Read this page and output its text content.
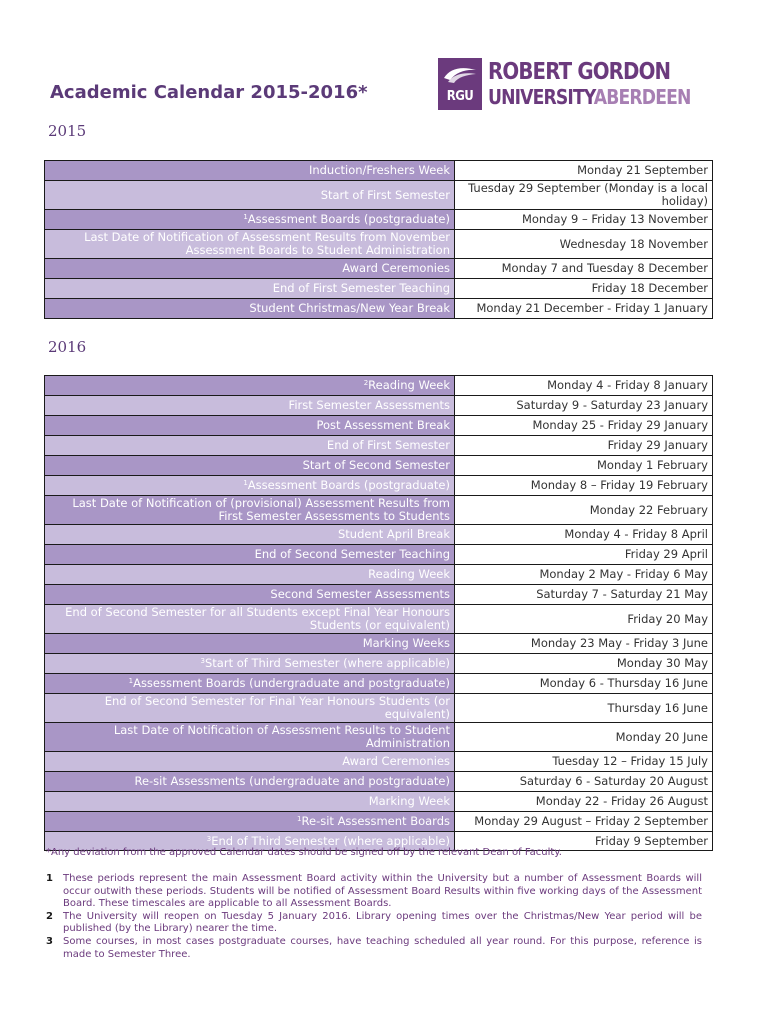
Academic Calendar 2015-2016*	RGU
ROBERT GORDON
UNIVERSITYABERDEEN
2015
Induction/Freshers Week	Monday 21 September
Start of First Semester	Tuesday 29 September (Monday is a local holiday)
$^1$Assessment Boards (postgraduate)	Monday 9 – Friday 13 November
Last Date of Notification of Assessment Results from November Assessment Boards to Student Administration	Wednesday 18 November
Award Ceremonies	Monday 7 and Tuesday 8 December
End of First Semester Teaching	Friday 18 December
Student Christmas/New Year Break	Monday 21 December - Friday 1 January
2016
$^2$Reading Week	Monday 4 - Friday 8 January
First Semester Assessments	Saturday 9 - Saturday 23 January
Post Assessment Break	Monday 25 - Friday 29 January
End of First Semester	Friday 29 January
Start of Second Semester	Monday 1 February
$^1$Assessment Boards (postgraduate)	Monday 8 – Friday 19 February
Last Date of Notification of (provisional) Assessment Results from First Semester Assessments to Students	Monday 22 February
Student April Break	Monday 4 - Friday 8 April
End of Second Semester Teaching	Friday 29 April
Reading Week	Monday 2 May - Friday 6 May
Second Semester Assessments	Saturday 7 - Saturday 21 May
End of Second Semester for all Students except Final Year Honours Students (or equivalent)	Friday 20 May
Marking Weeks	Monday 23 May - Friday 3 June
$^3$Start of Third Semester (where applicable)	Monday 30 May
$^1$Assessment Boards (undergraduate and postgraduate)	Monday 6 - Thursday 16 June
End of Second Semester for Final Year Honours Students (or equivalent)	Thursday 16 June
Last Date of Notification of Assessment Results to Student Administration	Monday 20 June
Award Ceremonies	Tuesday 12 – Friday 15 July
Re-sit Assessments (undergraduate and postgraduate)	Saturday 6 - Saturday 20 August
Marking Week	Monday 22 - Friday 26 August
$^1$Re-sit Assessment Boards	Monday 29 August – Friday 2 September
$^3$End of Third Semester (where applicable)	Friday 9 September
*Any deviation from the approved Calendar dates should be signed off by the relevant Dean of Faculty.
1	These periods represent the main Assessment Board activity within the University but a number of Assessment Boards will occur outwith these periods. Students will be notified of Assessment Board Results within five working days of the Assessment Board. These timescales are applicable to all Assessment Boards.
2	The University will reopen on Tuesday 5 January 2016. Library opening times over the Christmas/New Year period will be published (by the Library) nearer the time.
3	Some courses, in most cases postgraduate courses, have teaching scheduled all year round. For this purpose, reference is made to Semester Three.
